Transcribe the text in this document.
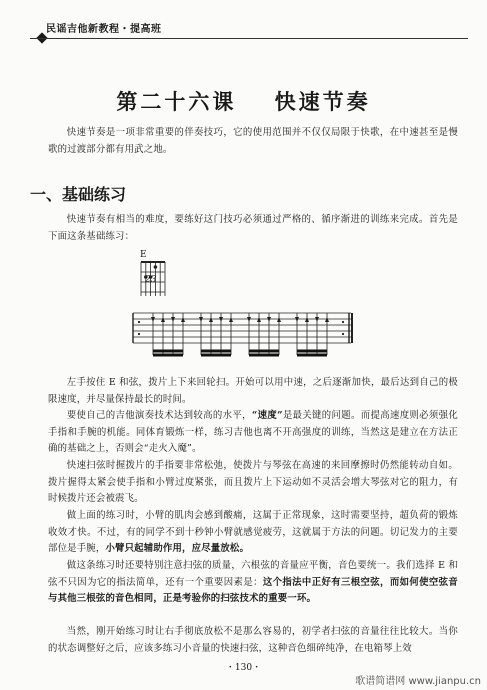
民谣吉他新教程・提高班
第二十六课 快速节奏
快速节奏是一项非常重要的伴奏技巧，它的使用范围并不仅仅局限于快歌，在中速甚至是慢歌的过渡部分都有用武之地。
一、基础练习
快速节奏有相当的难度，要练好这门技巧必须通过严格的、循序渐进的训练来完成。首先是下面这条基础练习：
E
23
左手按住 E 和弦，拨片上下来回轮扫。开始可以用中速，之后逐渐加快，最后达到自己的极限速度，并尽量保持最长的时间。
要使自己的吉他演奏技术达到较高的水平，“速度”是最关键的问题。而提高速度则必须强化手指和手腕的机能。同体育锻炼一样，练习吉他也离不开高强度的训练，当然这是建立在方法正确的基础之上，否则会“走火入魔”。
快速扫弦时握拨片的手指要非常松弛，使拨片与琴弦在高速的来回摩擦时仍然能转动自如。拨片握得太紧会使手指和小臂过度紧张，而且拨片上下运动如不灵活会增大琴弦对它的阻力，有时候拨片还会被震飞。
做上面的练习时，小臂的肌肉会感到酸痛，这属于正常现象，这时需要坚持，超负荷的锻炼收效才快。不过，有的同学不到十秒钟小臂就感觉疲劳，这就属于方法的问题。切记发力的主要部位是手腕，小臂只起辅助作用，应尽量放松。
做这条练习时还要特别注意扫弦的质量，六根弦的音量应平衡，音色要统一。我们选择 E 和弦不只因为它的指法简单，还有一个重要因素是：这个指法中正好有三根空弦，而如何使空弦音与其他三根弦的音色相同，正是考验你的扫弦技术的重要一环。
当然，刚开始练习时让右手彻底放松不是那么容易的，初学者扫弦的音量往往比较大。当你的状态调整好之后，应该多练习小音量的快速扫弦，这种音色细碎纯净，在电箱琴上效
・130・
歌谱简谱网 www.jianpu.cn
